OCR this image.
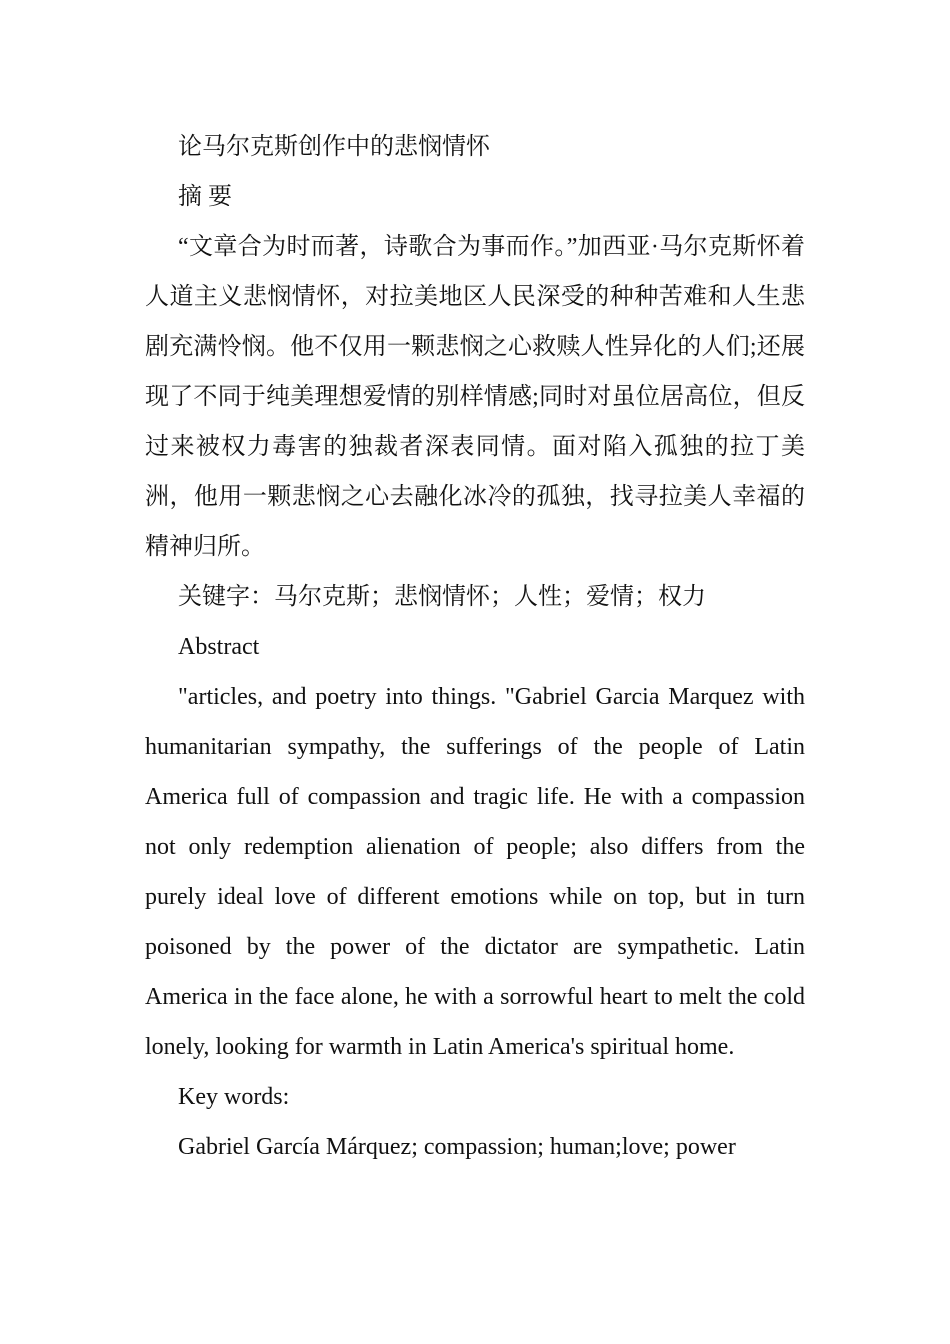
论马尔克斯创作中的悲悯情怀

摘 要

“文章合为时而著，诗歌合为事而作。”加西亚·马尔克斯怀着人道主义悲悯情怀，对拉美地区人民深受的种种苦难和人生悲剧充满怜悯。他不仅用一颗悲悯之心救赎人性异化的人们;还展现了不同于纯美理想爱情的别样情感;同时对虽位居高位，但反过来被权力毒害的独裁者深表同情。面对陷入孤独的拉丁美洲，他用一颗悲悯之心去融化冰冷的孤独，找寻拉美人幸福的精神归所。

关键字：马尔克斯；悲悯情怀；人性；爱情；权力

Abstract

"articles, and poetry into things. "Gabriel Garcia Marquez with humanitarian sympathy, the sufferings of the people of Latin America full of compassion and tragic life. He with a compassion not only redemption alienation of people; also differs from the purely ideal love of different emotions while on top, but in turn poisoned by the power of the dictator are sympathetic. Latin America in the face alone, he with a sorrowful heart to melt the cold lonely, looking for warmth in Latin America's spiritual home.

Key words:

Gabriel García Márquez; compassion; human;love; power
